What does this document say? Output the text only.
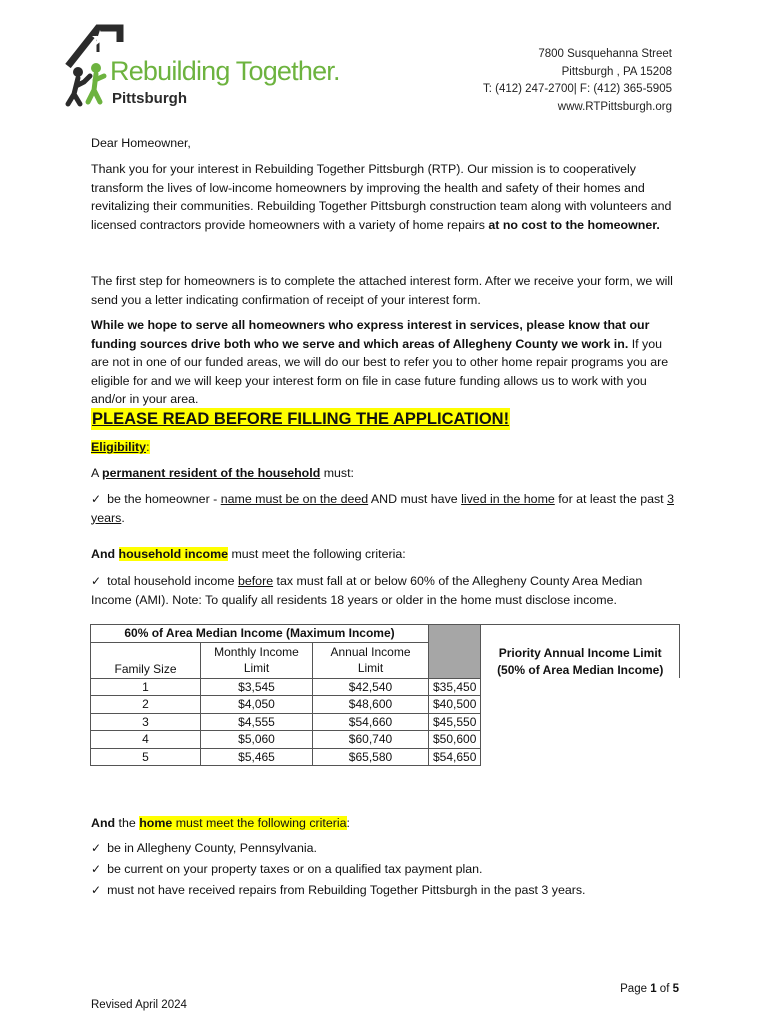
Rebuilding Together.
Pittsburgh
7800 Susquehanna Street
Pittsburgh , PA 15208
T: (412) 247-2700| F: (412) 365-5905
www.RTPittsburgh.org
Dear Homeowner,
Thank you for your interest in Rebuilding Together Pittsburgh (RTP). Our mission is to cooperatively transform the lives of low-income homeowners by improving the health and safety of their homes and revitalizing their communities. Rebuilding Together Pittsburgh construction team along with volunteers and licensed contractors provide homeowners with a variety of home repairs at no cost to the homeowner.
The first step for homeowners is to complete the attached interest form. After we receive your form, we will send you a letter indicating confirmation of receipt of your interest form.
While we hope to serve all homeowners who express interest in services, please know that our funding sources drive both who we serve and which areas of Allegheny County we work in. If you are not in one of our funded areas, we will do our best to refer you to other home repair programs you are eligible for and we will keep your interest form on file in case future funding allows us to work with you and/or in your area.
PLEASE READ BEFORE FILLING THE APPLICATION!
Eligibility:
A permanent resident of the household must:
✓ be the homeowner - name must be on the deed AND must have lived in the home for at least the past 3 years.
And household income must meet the following criteria:
✓ total household income before tax must fall at or below 60% of the Allegheny County Area Median Income (AMI). Note: To qualify all residents 18 years or older in the home must disclose income.
60% of Area Median Income (Maximum Income)				Priority Annual Income Limit (50% of Area Median Income)
Family Size	Monthly Income Limit	Annual Income Limit		
1	$3,545	$42,540	$35,450	
2	$4,050	$48,600	$40,500	
3	$4,555	$54,660	$45,550	
4	$5,060	$60,740	$50,600	
5	$5,465	$65,580	$54,650	
And the home must meet the following criteria:
✓ be in Allegheny County, Pennsylvania.
✓ be current on your property taxes or on a qualified tax payment plan.
✓ must not have received repairs from Rebuilding Together Pittsburgh in the past 3 years.
Page 1 of 5
Revised April 2024
